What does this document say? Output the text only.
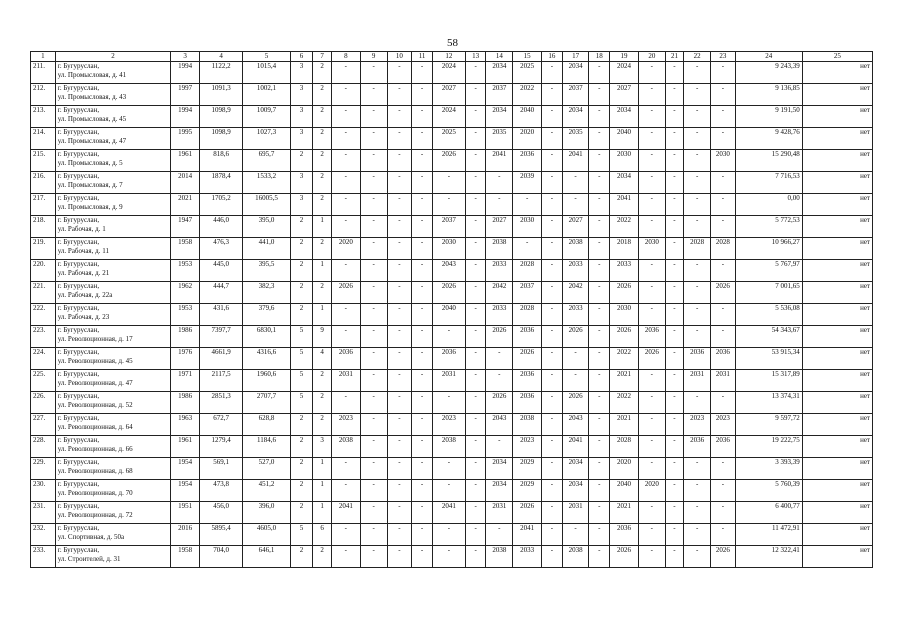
58
1	2	3	4	5	6	7	8	9	10	11	12	13	14	15	16	17	18	19	20	21	22	23	24	25
211.	г. Бугуруслан,
ул. Промысловая, д. 41	1994	1122,2	1015,4	3	2	-	-	-	-	2024	-	2034	2025	-	2034	-	2024	-	-	-	-	9 243,39	нет
212.	г. Бугуруслан,
ул. Промысловая, д. 43	1997	1091,3	1002,1	3	2	-	-	-	-	2027	-	2037	2022	-	2037	-	2027	-	-	-	-	9 136,85	нет
213.	г. Бугуруслан,
ул. Промысловая, д. 45	1994	1098,9	1009,7	3	2	-	-	-	-	2024	-	2034	2040	-	2034	-	2034	-	-	-	-	9 191,50	нет
214.	г. Бугуруслан,
ул. Промысловая, д. 47	1995	1098,9	1027,3	3	2	-	-	-	-	2025	-	2035	2020	-	2035	-	2040	-	-	-	-	9 428,76	нет
215.	г. Бугуруслан,
ул. Промысловая, д. 5	1961	818,6	695,7	2	2	-	-	-	-	2026	-	2041	2036	-	2041	-	2030	-	-	-	2030	15 290,48	нет
216.	г. Бугуруслан,
ул. Промысловая, д. 7	2014	1878,4	1533,2	3	2	-	-	-	-	-	-	-	2039	-	-	-	2034	-	-	-	-	7 716,53	нет
217.	г. Бугуруслан,
ул. Промысловая, д. 9	2021	1705,2	16005,5	3	2	-	-	-	-	-	-	-	-	-	-	-	2041	-	-	-	-	0,00	нет
218.	г. Бугуруслан,
ул. Рабочая, д. 1	1947	446,0	395,0	2	1	-	-	-	-	2037	-	2027	2030	-	2027	-	2022	-	-	-	-	5 772,53	нет
219.	г. Бугуруслан,
ул. Рабочая, д. 11	1958	476,3	441,0	2	2	2020	-	-	-	2030	-	2038	-	-	2038	-	2018	2030	-	2028	2028	10 966,27	нет
220.	г. Бугуруслан,
ул. Рабочая, д. 21	1953	445,0	395,5	2	1	-	-	-	-	2043	-	2033	2028	-	2033	-	2033	-	-	-	-	5 767,97	нет
221.	г. Бугуруслан,
ул. Рабочая, д. 22а	1962	444,7	382,3	2	2	2026	-	-	-	2026	-	2042	2037	-	2042	-	2026	-	-	-	2026	7 001,65	нет
222.	г. Бугуруслан,
ул. Рабочая, д. 23	1953	431,6	379,6	2	1	-	-	-	-	2040	-	2033	2028	-	2033	-	2030	-	-	-	-	5 536,08	нет
223.	г. Бугуруслан,
ул. Революционная, д. 17	1986	7397,7	6830,1	5	9	-	-	-	-	-	-	2026	2036	-	2026	-	2026	2036	-	-	-	54 343,67	нет
224.	г. Бугуруслан,
ул. Революционная, д. 45	1976	4661,9	4316,6	5	4	2036	-	-	-	2036	-	-	2026	-	-	-	2022	2026	-	2036	2036	53 915,34	нет
225.	г. Бугуруслан,
ул. Революционная, д. 47	1971	2117,5	1960,6	5	2	2031	-	-	-	2031	-	-	2036	-	-	-	2021	-	-	2031	2031	15 317,89	нет
226.	г. Бугуруслан,
ул. Революционная, д. 52	1986	2851,3	2707,7	5	2	-	-	-	-	-	-	2026	2036	-	2026	-	2022	-	-	-	-	13 374,31	нет
227.	г. Бугуруслан,
ул. Революционная, д. 64	1963	672,7	628,8	2	2	2023	-	-	-	2023	-	2043	2038	-	2043	-	2021	-	-	2023	2023	9 597,72	нет
228.	г. Бугуруслан,
ул. Революционная, д. 66	1961	1279,4	1184,6	2	3	2038	-	-	-	2038	-	-	2023	-	2041	-	2028	-	-	2036	2036	19 222,75	нет
229.	г. Бугуруслан,
ул. Революционная, д. 68	1954	569,1	527,0	2	1	-	-	-	-	-	-	2034	2029	-	2034	-	2020	-	-	-	-	3 393,39	нет
230.	г. Бугуруслан,
ул. Революционная, д. 70	1954	473,8	451,2	2	1	-	-	-	-	-	-	2034	2029	-	2034	-	2040	2020	-	-	-	5 760,39	нет
231.	г. Бугуруслан,
ул. Революционная, д. 72	1951	456,0	396,0	2	1	2041	-	-	-	2041	-	2031	2026	-	2031	-	2021	-	-	-	-	6 400,77	нет
232.	г. Бугуруслан,
ул. Спортивная, д. 50а	2016	5895,4	4605,0	5	6	-	-	-	-	-	-	-	2041	-	-	-	2036	-	-	-	-	11 472,91	нет
233.	г. Бугуруслан,
ул. Строителей, д. 31	1958	704,0	646,1	2	2	-	-	-	-	-	-	2038	2033	-	2038	-	2026	-	-	-	2026	12 322,41	нет
